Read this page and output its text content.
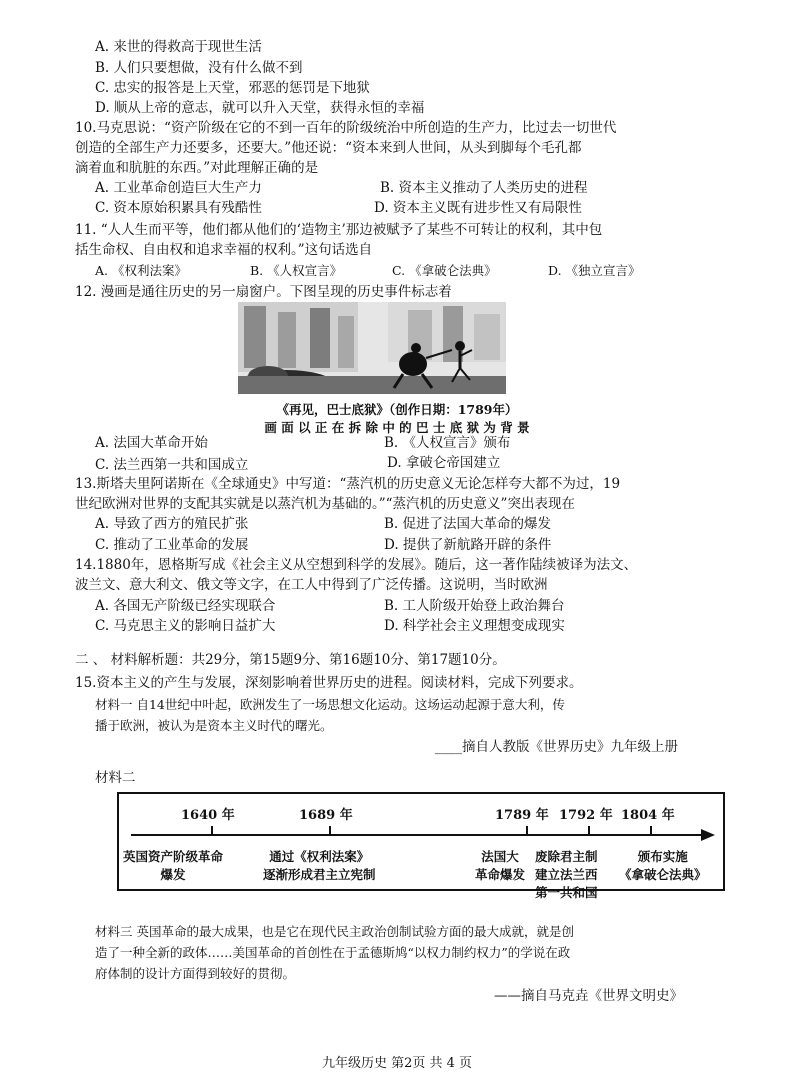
A. 来世的得救高于现世生活
B. 人们只要想做，没有什么做不到
C. 忠实的报答是上天堂，邪恶的惩罚是下地狱
D. 顺从上帝的意志，就可以升入天堂，获得永恒的幸福
10.马克思说：“资产阶级在它的不到一百年的阶级统治中所创造的生产力，比过去一切世代
创造的全部生产力还要多，还要大。”他还说：“资本来到人世间，从头到脚每个毛孔都
滴着血和肮脏的东西。”对此理解正确的是
A. 工业革命创造巨大生产力	B. 资本主义推动了人类历史的进程
C. 资本原始积累具有残酷性	D. 资本主义既有进步性又有局限性
11. “人人生而平等，他们都从他们的‘造物主’那边被赋予了某些不可转让的权利，其中包
括生命权、自由权和追求幸福的权利。”这句话选自
A. 《权利法案》	B. 《人权宣言》	C. 《拿破仑法典》	D. 《独立宣言》
12. 漫画是通往历史的另一扇窗户。下图呈现的历史事件标志着
《再见，巴士底狱》（创作日期：1789年）
画 面 以 正 在 拆 除 中 的 巴 士 底 狱 为 背 景
A. 法国大革命开始	B. 《人权宣言》颁布
C. 法兰西第一共和国成立	D. 拿破仑帝国建立
13.斯塔夫里阿诺斯在《全球通史》中写道：“蒸汽机的历史意义无论怎样夸大都不为过，19
世纪欧洲对世界的支配其实就是以蒸汽机为基础的。”“蒸汽机的历史意义”突出表现在
A. 导致了西方的殖民扩张	B. 促进了法国大革命的爆发
C. 推动了工业革命的发展	D. 提供了新航路开辟的条件
14.1880年，恩格斯写成《社会主义从空想到科学的发展》。随后，这一著作陆续被译为法文、
波兰文、意大利文、俄文等文字，在工人中得到了广泛传播。这说明，当时欧洲
A. 各国无产阶级已经实现联合	B. 工人阶级开始登上政治舞台
C. 马克思主义的影响日益扩大	D. 科学社会主义理想变成现实
二 、 材料解析题：共29分，第15题9分、第16题10分、第17题10分。
15.资本主义的产生与发展，深刻影响着世界历史的进程。阅读材料，完成下列要求。
材料一 自14世纪中叶起，欧洲发生了一场思想文化运动。这场运动起源于意大利，传
播于欧洲，被认为是资本主义时代的曙光。
____摘自人教版《世界历史》九年级上册
材料二
1640 年	1689 年	1789 年 1792 年 1804 年
英国资产阶级革命
爆发
通过《权利法案》
逐渐形成君主立宪制
法国大
革命爆发
废除君主制
建立法兰西
第一共和国
颁布实施
《拿破仑法典》
材料三 英国革命的最大成果，也是它在现代民主政治创制试验方面的最大成就，就是创
造了一种全新的政体……美国革命的首创性在于孟德斯鸠“以权力制约权力”的学说在政
府体制的设计方面得到较好的贯彻。
——摘自马克垚《世界文明史》
九年级历史 第2页 共 4 页
